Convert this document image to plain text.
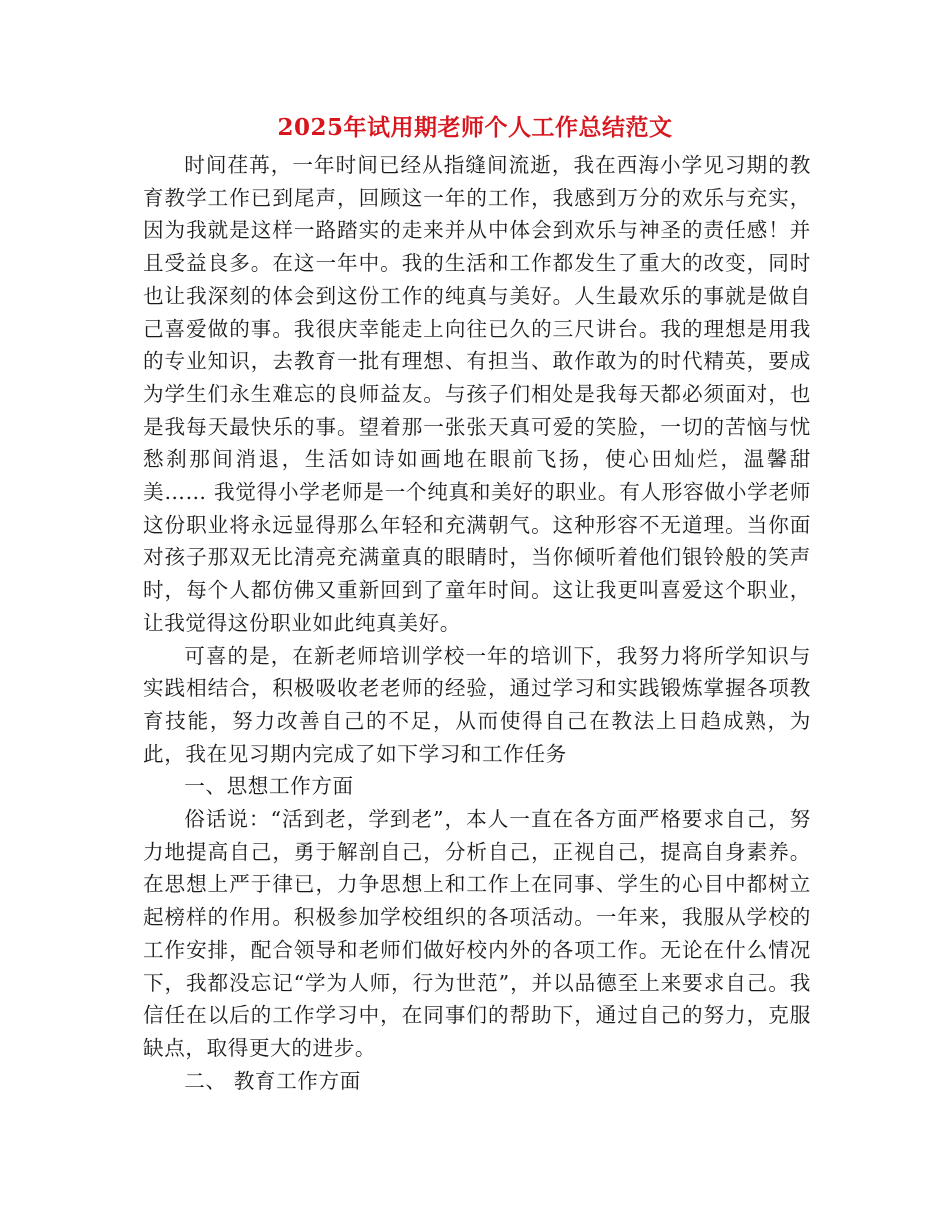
2025年试用期老师个人工作总结范文

时间荏苒，一年时间已经从指缝间流逝，我在西海小学见习期的教育教学工作已到尾声，回顾这一年的工作，我感到万分的欢乐与充实，因为我就是这样一路踏实的走来并从中体会到欢乐与神圣的责任感！并且受益良多。在这一年中。我的生活和工作都发生了重大的改变，同时也让我深刻的体会到这份工作的纯真与美好。人生最欢乐的事就是做自己喜爱做的事。我很庆幸能走上向往已久的三尺讲台。我的理想是用我的专业知识，去教育一批有理想、有担当、敢作敢为的时代精英，要成为学生们永生难忘的良师益友。与孩子们相处是我每天都必须面对，也是我每天最快乐的事。望着那一张张天真可爱的笑脸，一切的苦恼与忧愁刹那间消退，生活如诗如画地在眼前飞扬，使心田灿烂，温馨甜美…… 我觉得小学老师是一个纯真和美好的职业。有人形容做小学老师这份职业将永远显得那么年轻和充满朝气。这种形容不无道理。当你面对孩子那双无比清亮充满童真的眼睛时，当你倾听着他们银铃般的笑声时，每个人都仿佛又重新回到了童年时间。这让我更叫喜爱这个职业，让我觉得这份职业如此纯真美好。

可喜的是，在新老师培训学校一年的培训下，我努力将所学知识与实践相结合，积极吸收老老师的经验，通过学习和实践锻炼掌握各项教育技能，努力改善自己的不足，从而使得自己在教法上日趋成熟，为此，我在见习期内完成了如下学习和工作任务

一、思想工作方面

俗话说：“活到老，学到老”，本人一直在各方面严格要求自己，努力地提高自己，勇于解剖自己，分析自己，正视自己，提高自身素养。在思想上严于律已，力争思想上和工作上在同事、学生的心目中都树立起榜样的作用。积极参加学校组织的各项活动。一年来，我服从学校的工作安排，配合领导和老师们做好校内外的各项工作。无论在什么情况下，我都没忘记“学为人师，行为世范”，并以品德至上来要求自己。我信任在以后的工作学习中，在同事们的帮助下，通过自己的努力，克服缺点，取得更大的进步。

二、 教育工作方面
